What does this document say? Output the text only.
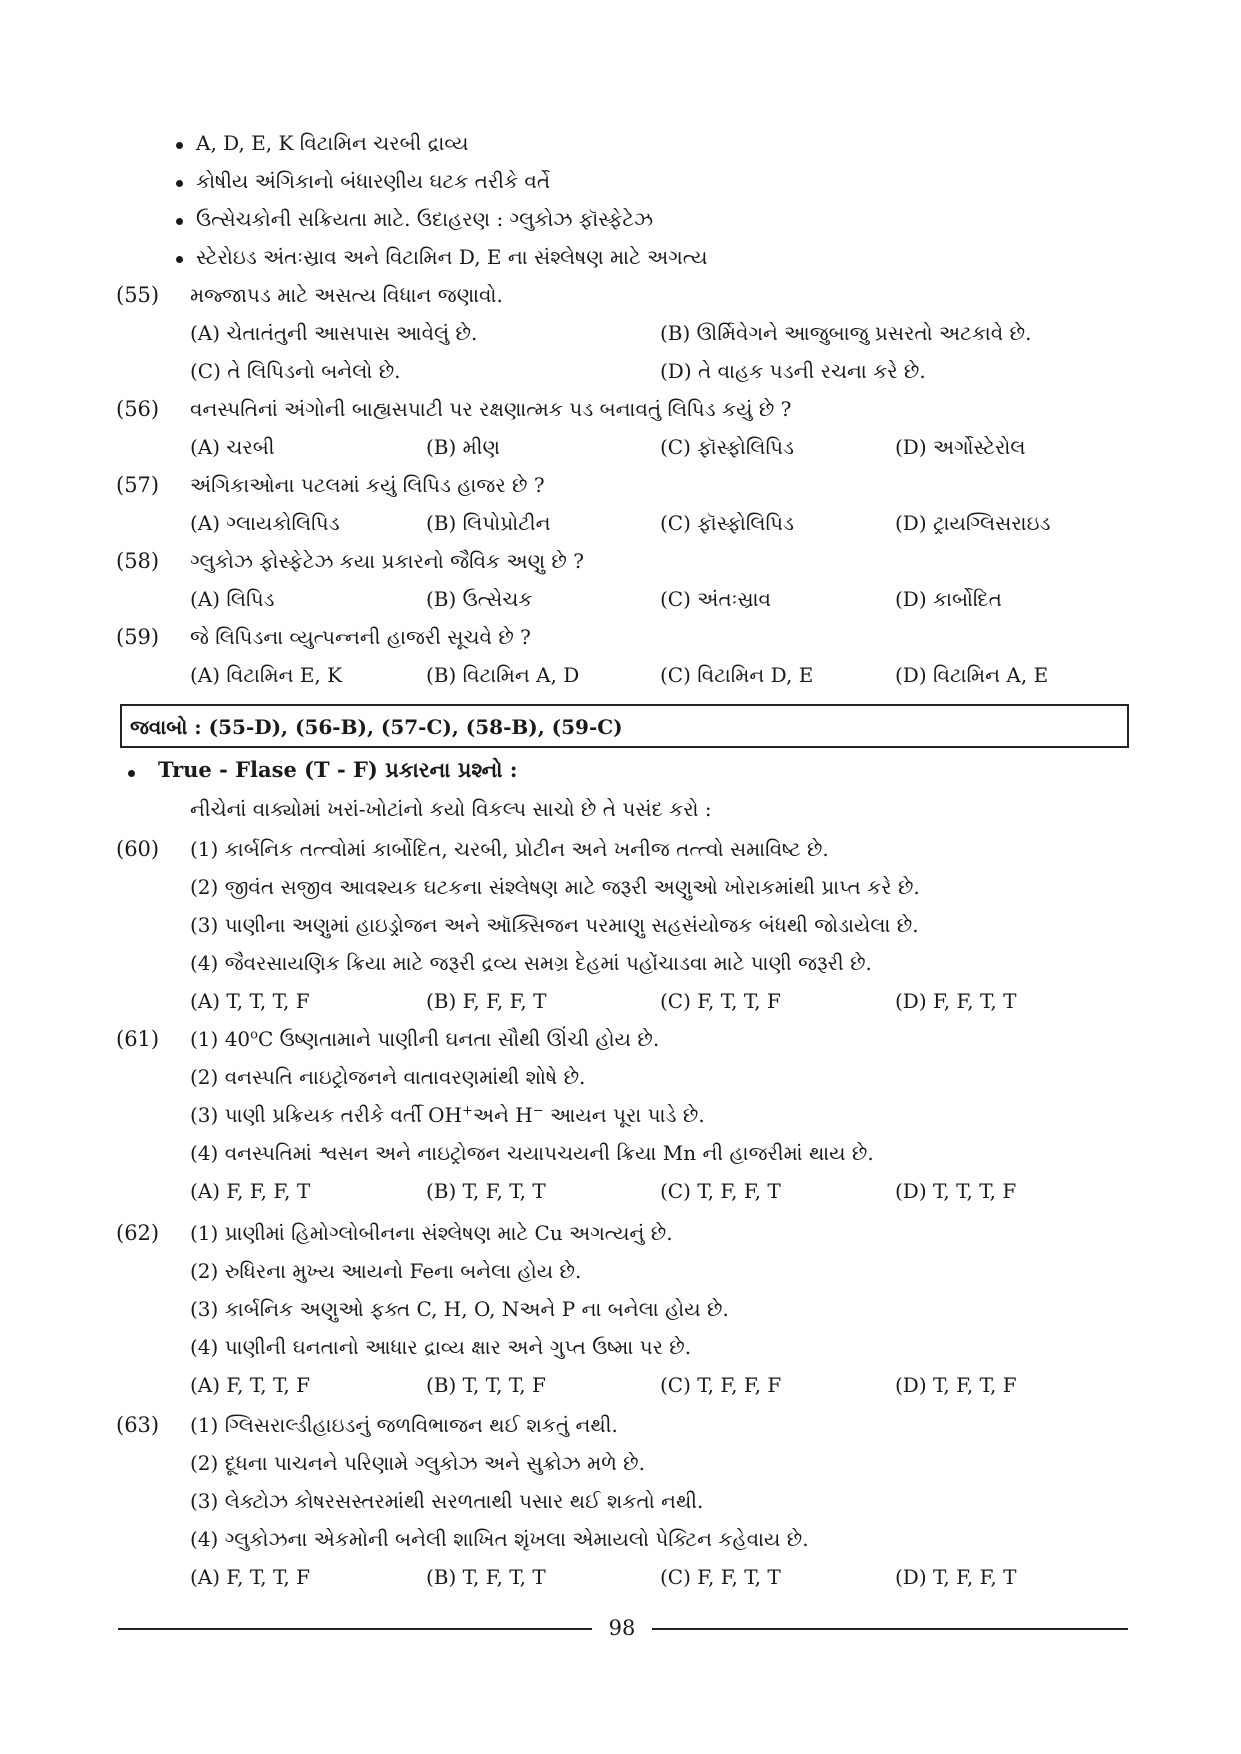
A, D, E, K વિટામિન ચરબી દ્રાવ્ય
કોષીય અંગિકાનો બંધારણીય ઘટક તરીકે વર્તે
ઉત્સેચકોની સક્રિયતા માટે. ઉદાહરણ : ગ્લુકોઝ ફૉસ્ફેટેઝ
સ્ટેરોઇડ અંતઃસ્રાવ અને વિટામિન D, E ના સંશ્લેષણ માટે અગત્ય
(55) મજ્જાપડ માટે અસત્ય વિધાન જણાવો.
(A) ચેતાતંતુની આસપાસ આવેલું છે.	(B) ઊર્મિવેગને આજુબાજુ પ્રસરતો અટકાવે છે.
(C) તે લિપિડનો બનેલો છે.	(D) તે વાહક પડની રચના કરે છે.
(56) વનસ્પતિનાં અંગોની બાહ્યસપાટી પર રક્ષણાત્મક પડ બનાવતું લિપિડ કયું છે ?
(A) ચરબી	(B) મીણ	(C) ફૉસ્ફોલિપિડ	(D) અર્ગોસ્ટેરોલ
(57) અંગિકાઓના પટલમાં કયું લિપિડ હાજર છે ?
(A) ગ્લાયકોલિપિડ	(B) લિપોપ્રોટીન	(C) ફૉસ્ફોલિપિડ	(D) ટ્રાયગ્લિસરાઇડ
(58) ગ્લુકોઝ ફોસ્ફેટેઝ કયા પ્રકારનો જૈવિક અણુ છે ?
(A) લિપિડ	(B) ઉત્સેચક	(C) અંતઃસ્રાવ	(D) કાર્બોદિત
(59) જે લિપિડના વ્યુત્પન્નની હાજરી સૂચવે છે ?
(A) વિટામિન E, K	(B) વિટામિન A, D	(C) વિટામિન D, E	(D) વિટામિન A, E
જવાબો : (55-D), (56-B), (57-C), (58-B), (59-C)
True - Flase (T - F) પ્રકારના પ્રશ્નો :
નીચેનાં વાક્યોમાં ખરાં-ખોટાંનો કયો વિકલ્પ સાચો છે તે પસંદ કરો :
(60) (1) કાર્બનિક તત્ત્વોમાં કાર્બોદિત, ચરબી, પ્રોટીન અને ખનીજ તત્ત્વો સમાવિષ્ટ છે.
(2) જીવંત સજીવ આવશ્યક ઘટકના સંશ્લેષણ માટે જરૂરી અણુઓ ખોરાકમાંથી પ્રાપ્ત કરે છે.
(3) પાણીના અણુમાં હાઇડ્રોજન અને ઑક્સિજન પરમાણુ સહસંયોજક બંધથી જોડાયેલા છે.
(4) જૈવરસાયણિક ક્રિયા માટે જરૂરી દ્રવ્ય સમગ્ર દેહમાં પહોંચાડવા માટે પાણી જરૂરી છે.
(A) T, T, T, F	(B) F, F, F, T	(C) F, T, T, F	(D) F, F, T, T
(61) (1) 40$^o$C ઉષ્ણતામાને પાણીની ઘનતા સૌથી ઊંચી હોય છે.
(2) વનસ્પતિ નાઇટ્રોજનને વાતાવરણમાંથી શોષે છે.
(3) પાણી પ્રક્રિયક તરીકે વર્તી OH+અને H− આયન પૂરા પાડે છે.
(4) વનસ્પતિમાં શ્વસન અને નાઇટ્રોજન ચયાપચયની ક્રિયા Mn ની હાજરીમાં થાય છે.
(A) F, F, F, T	(B) T, F, T, T	(C) T, F, F, T	(D) T, T, T, F
(62) (1) પ્રાણીમાં હિમોગ્લોબીનના સંશ્લેષણ માટે Cu અગત્યનું છે.
(2) રુધિરના મુખ્ય આયનો Feના બનેલા હોય છે.
(3) કાર્બનિક અણુઓ ફક્ત C, H, O, Nઅને P ના બનેલા હોય છે.
(4) પાણીની ઘનતાનો આધાર દ્રાવ્ય ક્ષાર અને ગુપ્ત ઉષ્મા પર છે.
(A) F, T, T, F	(B) T, T, T, F	(C) T, F, F, F	(D) T, F, T, F
(63) (1) ગ્લિસરાલ્ડીહાઇડનું જળવિભાજન થઈ શકતું નથી.
(2) દૂધના પાચનને પરિણામે ગ્લુકોઝ અને સુક્રોઝ મળે છે.
(3) લેક્ટોઝ કોષરસસ્તરમાંથી સરળતાથી પસાર થઈ શકતો નથી.
(4) ગ્લુકોઝના એકમોની બનેલી શાખિત શૃંખલા એમાયલો પેક્ટિન કહેવાય છે.
(A) F, T, T, F	(B) T, F, T, T	(C) F, F, T, T	(D) T, F, F, T
98
